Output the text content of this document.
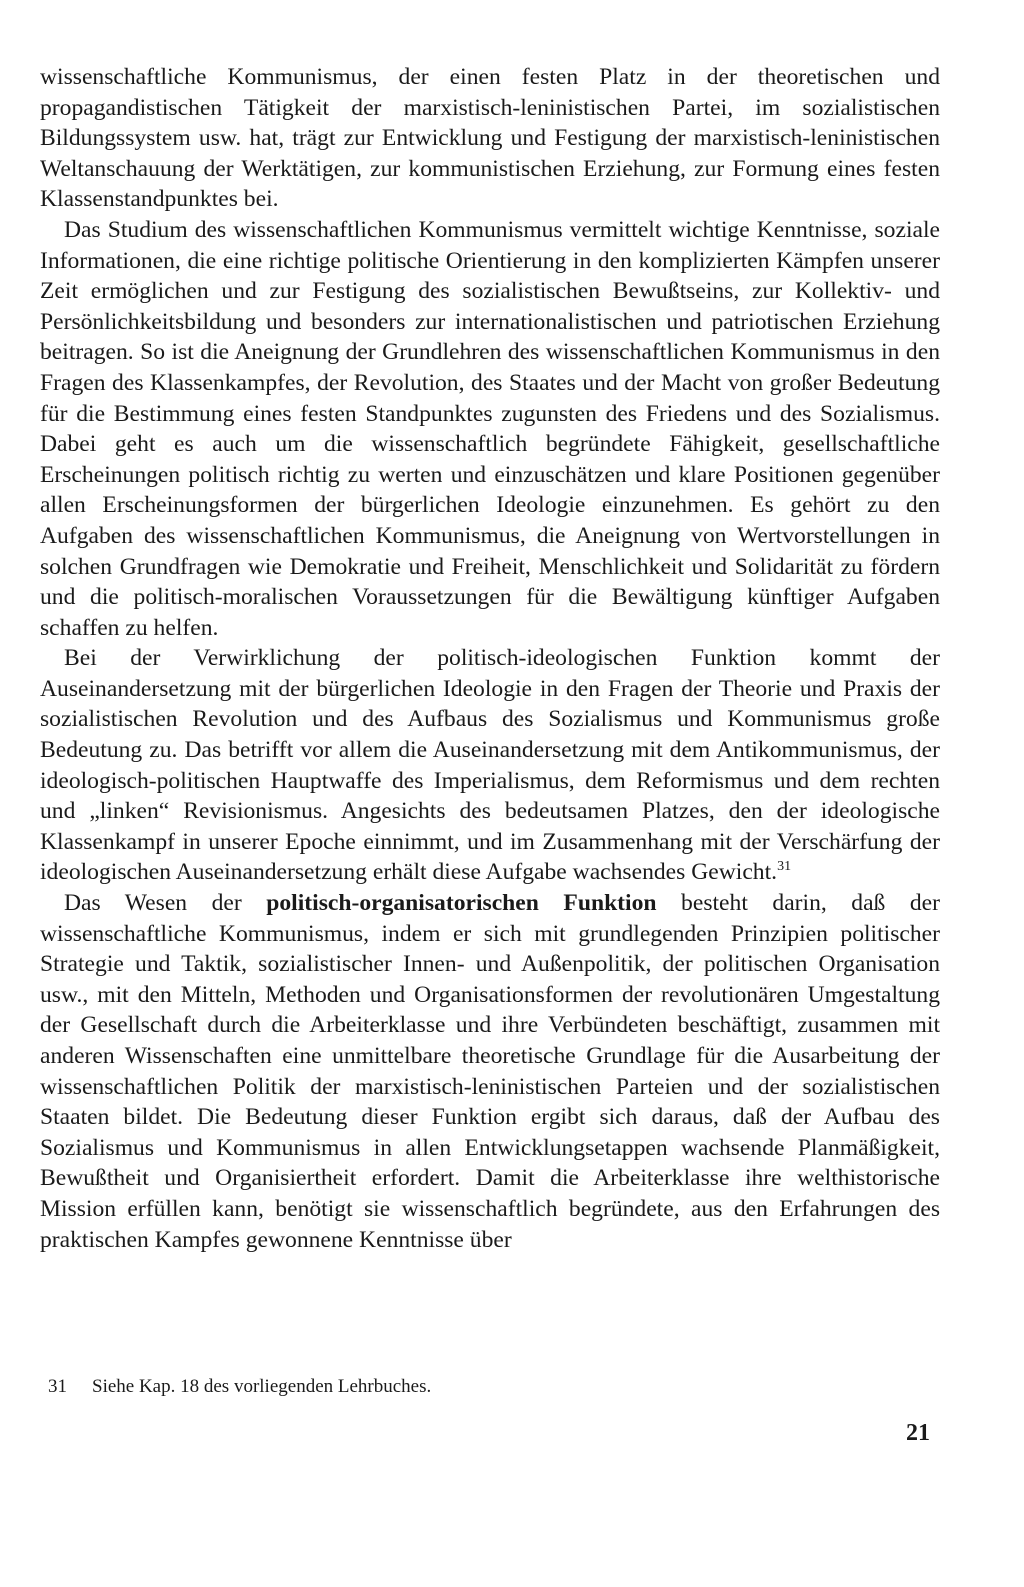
wissenschaftliche Kommunismus, der einen festen Platz in der theoretischen und propagandistischen Tätigkeit der marxistisch-leninistischen Partei, im sozialistischen Bildungssystem usw. hat, trägt zur Entwicklung und Festigung der marxistisch-leninistischen Weltanschauung der Werktätigen, zur kommunistischen Erziehung, zur Formung eines festen Klassenstandpunktes bei.

Das Studium des wissenschaftlichen Kommunismus vermittelt wichtige Kenntnisse, soziale Informationen, die eine richtige politische Orientierung in den komplizierten Kämpfen unserer Zeit ermöglichen und zur Festigung des sozialistischen Bewußtseins, zur Kollektiv- und Persönlichkeitsbildung und besonders zur internationalistischen und patriotischen Erziehung beitragen. So ist die Aneignung der Grundlehren des wissenschaftlichen Kommunismus in den Fragen des Klassenkampfes, der Revolution, des Staates und der Macht von großer Bedeutung für die Bestimmung eines festen Standpunktes zugunsten des Friedens und des Sozialismus. Dabei geht es auch um die wissenschaftlich begründete Fähigkeit, gesellschaftliche Erscheinungen politisch richtig zu werten und einzuschätzen und klare Positionen gegenüber allen Erscheinungsformen der bürgerlichen Ideologie einzunehmen. Es gehört zu den Aufgaben des wissenschaftlichen Kommunismus, die Aneignung von Wertvorstellungen in solchen Grundfragen wie Demokratie und Freiheit, Menschlichkeit und Solidarität zu fördern und die politisch-moralischen Voraussetzungen für die Bewältigung künftiger Aufgaben schaffen zu helfen.

Bei der Verwirklichung der politisch-ideologischen Funktion kommt der Auseinandersetzung mit der bürgerlichen Ideologie in den Fragen der Theorie und Praxis der sozialistischen Revolution und des Aufbaus des Sozialismus und Kommunismus große Bedeutung zu. Das betrifft vor allem die Auseinandersetzung mit dem Antikommunismus, der ideologisch-politischen Hauptwaffe des Imperialismus, dem Reformismus und dem rechten und „linken“ Revisionismus. Angesichts des bedeutsamen Platzes, den der ideologische Klassenkampf in unserer Epoche einnimmt, und im Zusammenhang mit der Verschärfung der ideologischen Auseinandersetzung erhält diese Aufgabe wachsendes Gewicht.$^{31}$

Das Wesen der politisch-organisatorischen Funktion besteht darin, daß der wissenschaftliche Kommunismus, indem er sich mit grundlegenden Prinzipien politischer Strategie und Taktik, sozialistischer Innen- und Außenpolitik, der politischen Organisation usw., mit den Mitteln, Methoden und Organisationsformen der revolutionären Umgestaltung der Gesellschaft durch die Arbeiterklasse und ihre Verbündeten beschäftigt, zusammen mit anderen Wissenschaften eine unmittelbare theoretische Grundlage für die Ausarbeitung der wissenschaftlichen Politik der marxistisch-leninistischen Parteien und der sozialistischen Staaten bildet. Die Bedeutung dieser Funktion ergibt sich daraus, daß der Aufbau des Sozialismus und Kommunismus in allen Entwicklungsetappen wachsende Planmäßigkeit, Bewußtheit und Organisiertheit erfordert. Damit die Arbeiterklasse ihre welthistorische Mission erfüllen kann, benötigt sie wissenschaftlich begründete, aus den Erfahrungen des praktischen Kampfes gewonnene Kenntnisse über

31 Siehe Kap. 18 des vorliegenden Lehrbuches.
21
